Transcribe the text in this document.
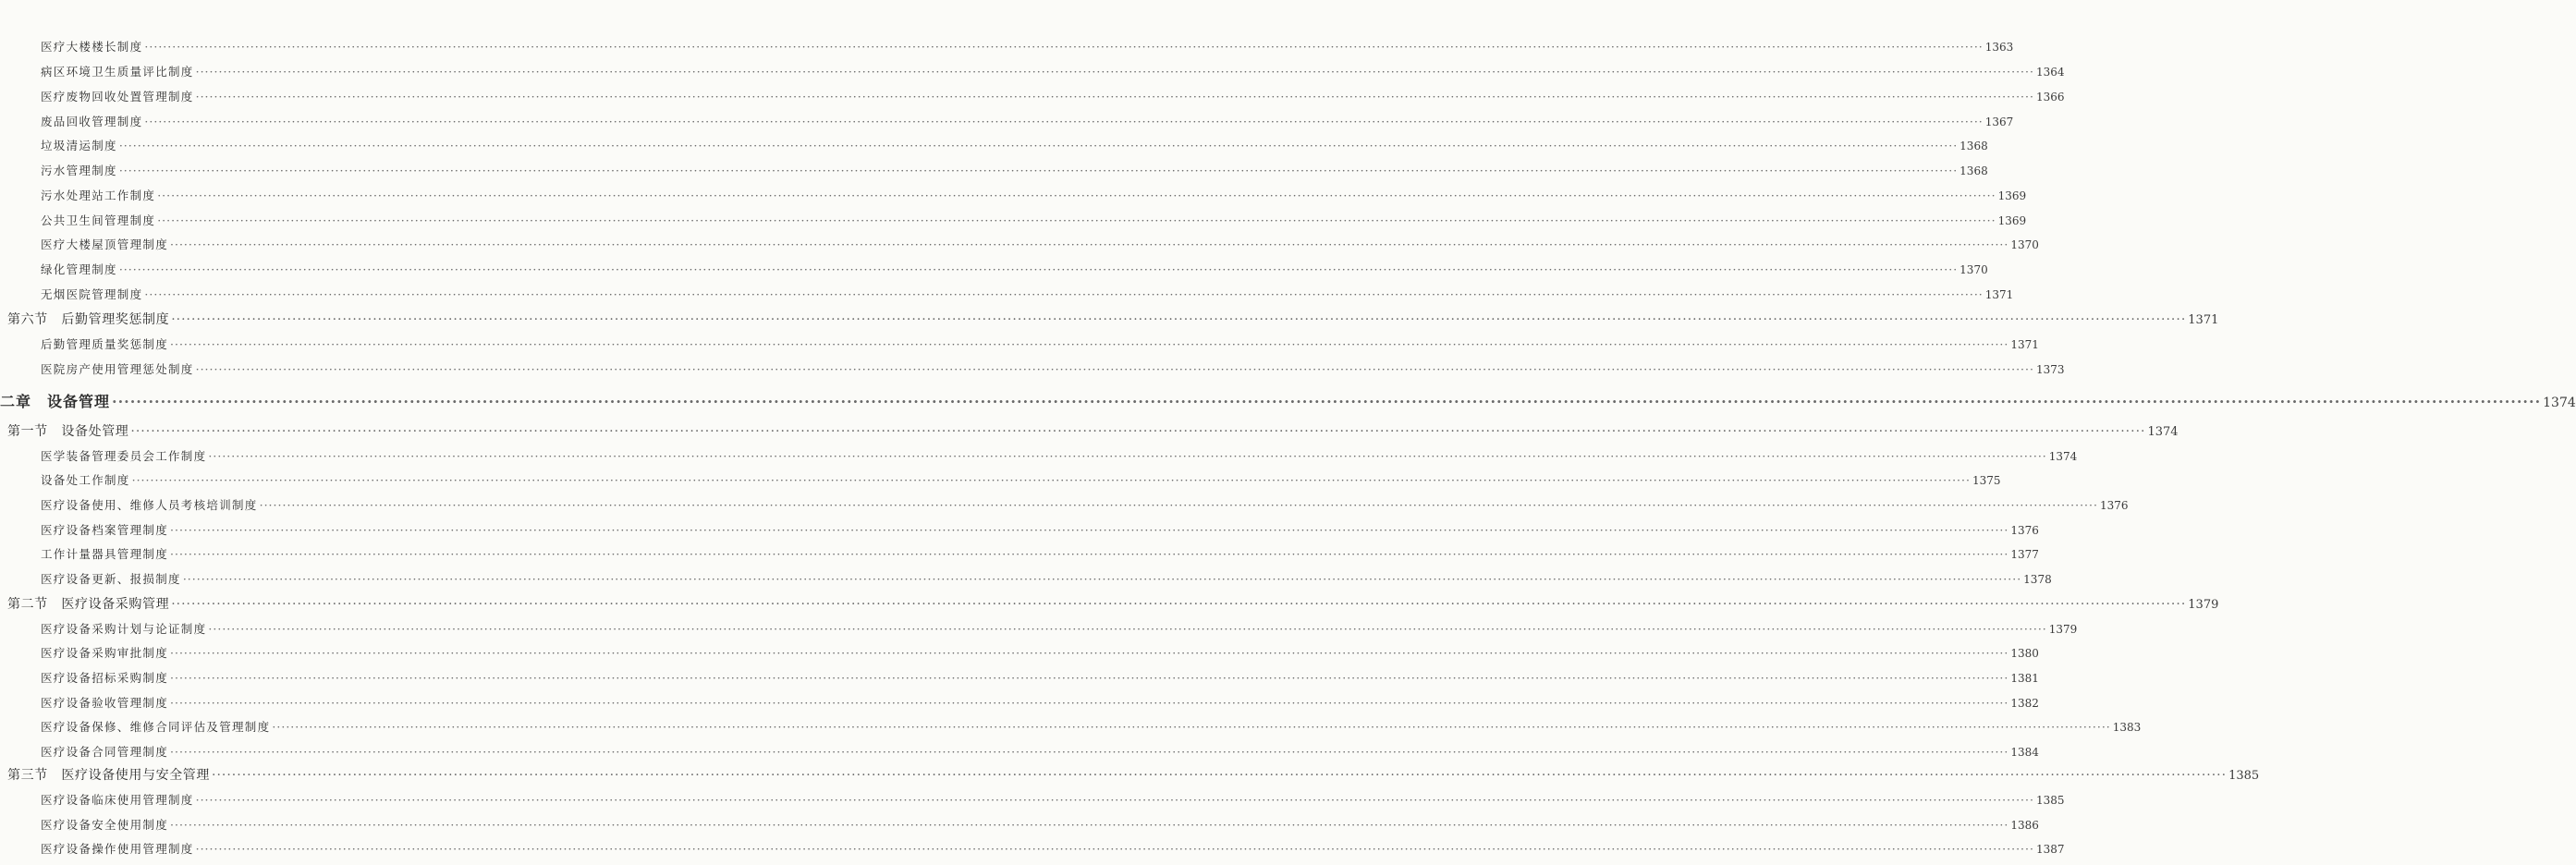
医疗大楼楼长制度 ················································································································································································································································································································································································································ 1363
病区环境卫生质量评比制度 ················································································································································································································································································································································································································ 1364
医疗废物回收处置管理制度 ················································································································································································································································································································································································································ 1366
废品回收管理制度 ················································································································································································································································································································································································································ 1367
垃圾清运制度 ················································································································································································································································································································································································································ 1368
污水管理制度 ················································································································································································································································································································································································································ 1368
污水处理站工作制度 ················································································································································································································································································································································································································ 1369
公共卫生间管理制度 ················································································································································································································································································································································································································ 1369
医疗大楼屋顶管理制度 ················································································································································································································································································································································································································ 1370
绿化管理制度 ················································································································································································································································································································································································································ 1370
无烟医院管理制度 ················································································································································································································································································································································································································ 1371
第六节　后勤管理奖惩制度 ················································································································································································································································································································································································································ 1371
后勤管理质量奖惩制度 ················································································································································································································································································································································································································ 1371
医院房产使用管理惩处制度 ················································································································································································································································································································································································································ 1373
二章　设备管理 ················································································································································································································································································································································································································ 1374
第一节　设备处管理 ················································································································································································································································································································································································································ 1374
医学装备管理委员会工作制度 ················································································································································································································································································································································································································ 1374
设备处工作制度 ················································································································································································································································································································································································································ 1375
医疗设备使用、维修人员考核培训制度 ················································································································································································································································································································································································································ 1376
医疗设备档案管理制度 ················································································································································································································································································································································································································ 1376
工作计量器具管理制度 ················································································································································································································································································································································································································ 1377
医疗设备更新、报损制度 ················································································································································································································································································································································································································ 1378
第二节　医疗设备采购管理 ················································································································································································································································································································································································································ 1379
医疗设备采购计划与论证制度 ················································································································································································································································································································································································································ 1379
医疗设备采购审批制度 ················································································································································································································································································································································································································ 1380
医疗设备招标采购制度 ················································································································································································································································································································································································································ 1381
医疗设备验收管理制度 ················································································································································································································································································································································································································ 1382
医疗设备保修、维修合同评估及管理制度 ················································································································································································································································································································································································································ 1383
医疗设备合同管理制度 ················································································································································································································································································································································································································ 1384
第三节　医疗设备使用与安全管理 ················································································································································································································································································································································································································ 1385
医疗设备临床使用管理制度 ················································································································································································································································································································································································································ 1385
医疗设备安全使用制度 ················································································································································································································································································································································································································ 1386
医疗设备操作使用管理制度 ················································································································································································································································································································································································································ 1387
